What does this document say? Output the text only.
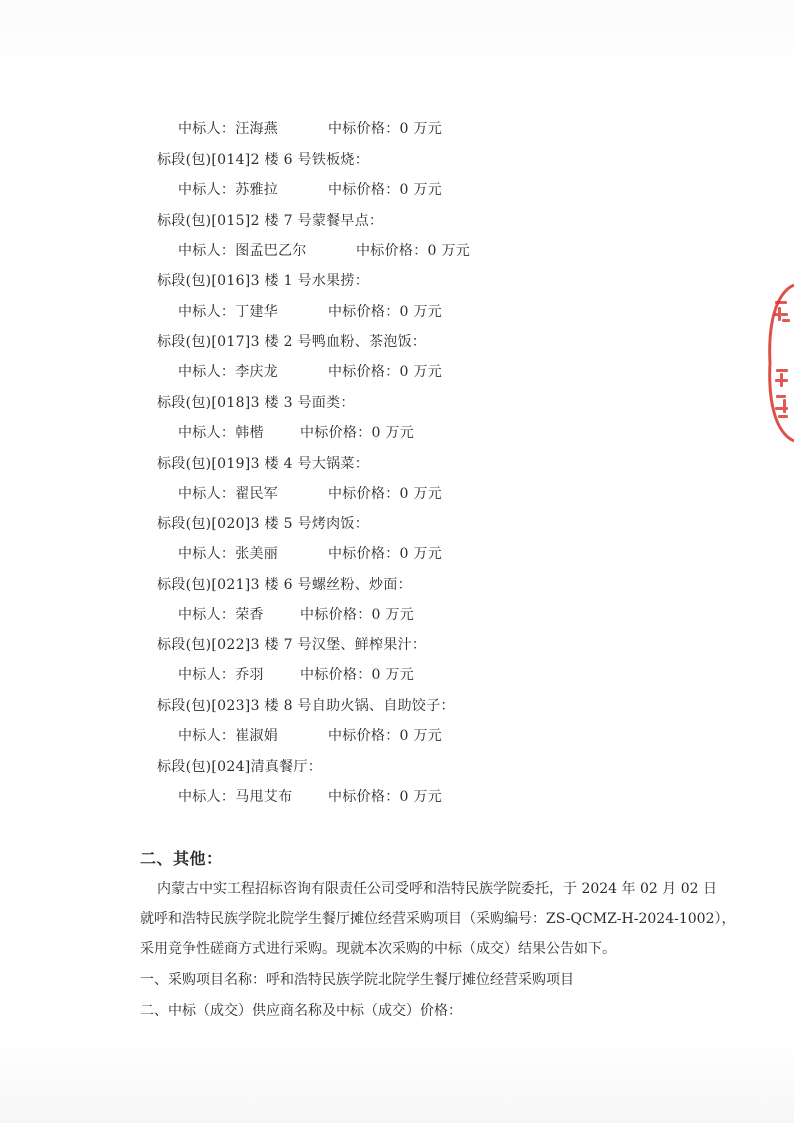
中标人：汪海燕	中标价格：0 万元
标段(包)[014]2 楼 6 号铁板烧：
中标人：苏雅拉	中标价格：0 万元
标段(包)[015]2 楼 7 号蒙餐早点：
中标人：图孟巴乙尔	中标价格：0 万元
标段(包)[016]3 楼 1 号水果捞：
中标人：丁建华	中标价格：0 万元
标段(包)[017]3 楼 2 号鸭血粉、茶泡饭：
中标人：李庆龙	中标价格：0 万元
标段(包)[018]3 楼 3 号面类：
中标人：韩楷	中标价格：0 万元
标段(包)[019]3 楼 4 号大锅菜：
中标人：翟民军	中标价格：0 万元
标段(包)[020]3 楼 5 号烤肉饭：
中标人：张美丽	中标价格：0 万元
标段(包)[021]3 楼 6 号螺丝粉、炒面：
中标人：荣香	中标价格：0 万元
标段(包)[022]3 楼 7 号汉堡、鲜榨果汁：
中标人：乔羽	中标价格：0 万元
标段(包)[023]3 楼 8 号自助火锅、自助饺子：
中标人：崔淑娟	中标价格：0 万元
标段(包)[024]清真餐厅：
中标人：马甩艾布	中标价格：0 万元
二、其他：
内蒙古中实工程招标咨询有限责任公司受呼和浩特民族学院委托，于 2024 年 02 月 02 日
就呼和浩特民族学院北院学生餐厅摊位经营采购项目（采购编号：ZS-QCMZ-H-2024-1002），
采用竞争性磋商方式进行采购。现就本次采购的中标（成交）结果公告如下。
一、采购项目名称：呼和浩特民族学院北院学生餐厅摊位经营采购项目
二、中标（成交）供应商名称及中标（成交）价格：
